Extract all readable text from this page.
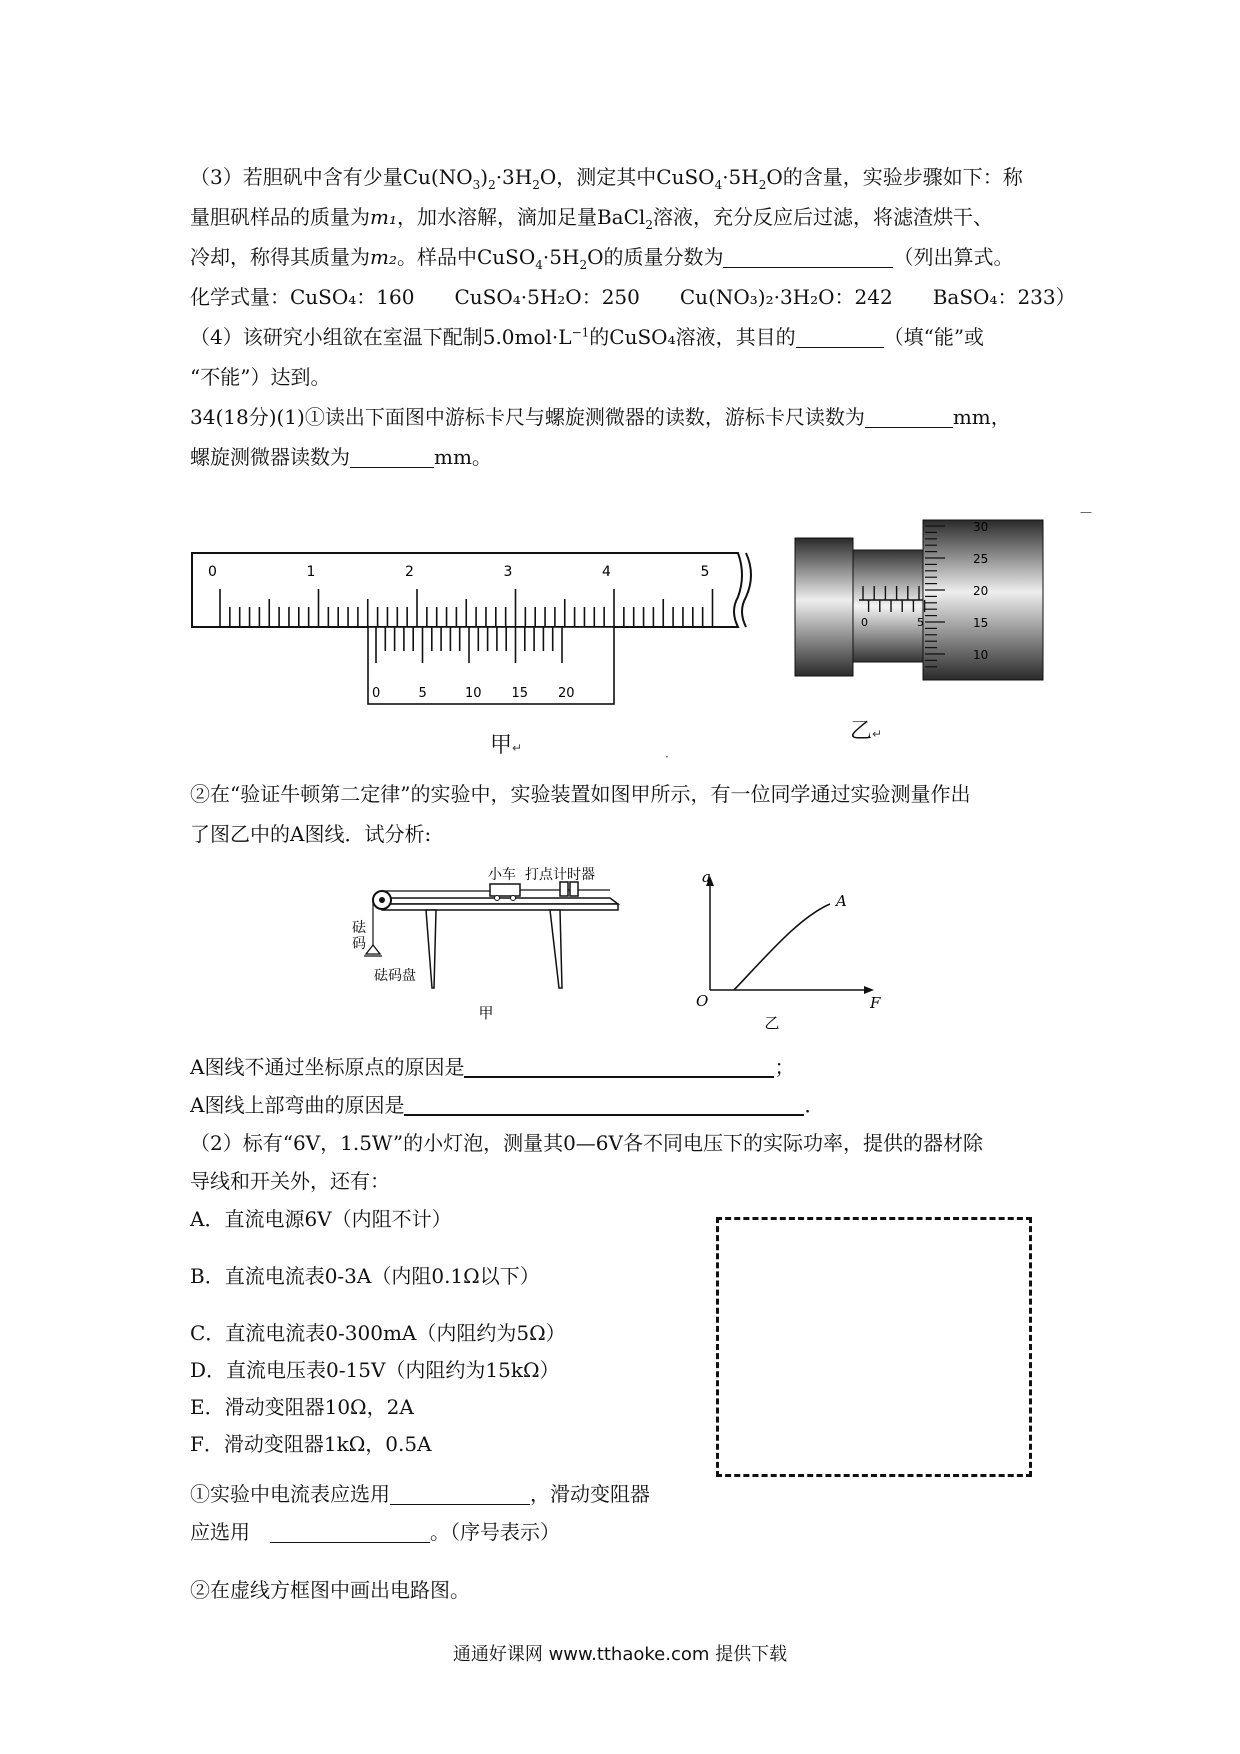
（3）若胆矾中含有少量$Cu(NO_3)_2\cdot 3H_2O$，测定其中$CuSO_4\cdot 5H_2O$的含量，实验步骤如下：称
量胆矾样品的质量为m₁，加水溶解，滴加足量BaCl$_2$溶液，充分反应后过滤，将滤渣烘干、
冷却，称得其质量为m₂。样品中$CuSO_4\cdot 5H_2O$的质量分数为	（列出算式。
化学式量：CuSO₄：160　　CuSO₄·5H₂O：250　　Cu(NO₃)₂·3H₂O：242　　BaSO₄：233）
（4）该研究小组欲在室温下配制$5.0mol\cdot L^{-1}$的CuSO₄溶液，其目的	（填“能”或
“不能”）达到。
34(18分)(1)①读出下面图中游标卡尺与螺旋测微器的读数，游标卡尺读数为	mm，
螺旋测微器读数为	mm。
0	1	2	3	4	5
0	5	10 15 20
甲↵
0	5
30
25
20
15
10
乙↵
—
·
②在“验证牛顿第二定律”的实验中，实验装置如图甲所示，有一位同学通过实验测量作出
了图乙中的A图线．试分析:
小车 打点计时器
砝
码
砝码盘
甲
a
F
O
A
乙
A图线不通过坐标原点的原因是	；
A图线上部弯曲的原因是	．
（2）标有“6V，1.5W”的小灯泡，测量其0—6V各不同电压下的实际功率，提供的器材除
导线和开关外，还有：
A．直流电源6V（内阻不计）
B．直流电流表0-3A（内阻0.1Ω以下）
C．直流电流表0-300mA（内阻约为5Ω）
D．直流电压表0-15V（内阻约为15kΩ）
E．滑动变阻器10Ω，2A
F．滑动变阻器1kΩ，0.5A
①实验中电流表应选用	，滑动变阻器
应选用　	。（序号表示）
②在虚线方框图中画出电路图。
通通好课网 www.tthaoke.com 提供下载
